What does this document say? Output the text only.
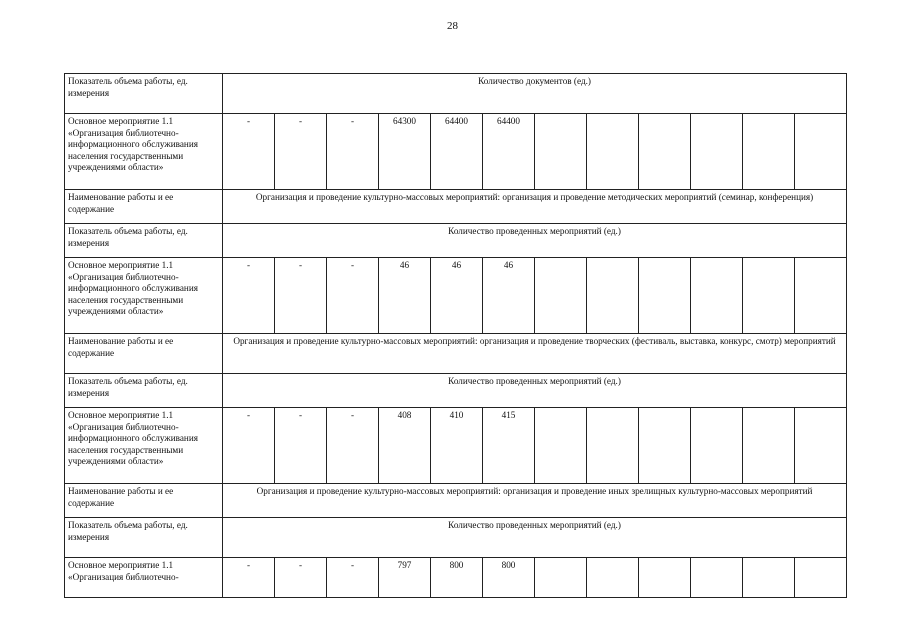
28
Показатель объема работы, ед. измерения	Количество документов (ед.)											
Основное мероприятие 1.1 «Организация библиотечно-информационного обслуживания населения государственными учреждениями области»	-	-	-	64300	64400	64400						
Наименование работы и ее содержание	Организация и проведение культурно-массовых мероприятий: организация и проведение методических мероприятий (семинар, конференция)											
Показатель объема работы, ед. измерения	Количество проведенных мероприятий (ед.)											
Основное мероприятие 1.1 «Организация библиотечно-информационного обслуживания населения государственными учреждениями области»	-	-	-	46	46	46						
Наименование работы и ее содержание	Организация и проведение культурно-массовых мероприятий: организация и проведение творческих (фестиваль, выставка, конкурс, смотр) мероприятий											
Показатель объема работы, ед. измерения	Количество проведенных мероприятий (ед.)											
Основное мероприятие 1.1 «Организация библиотечно-информационного обслуживания населения государственными учреждениями области»	-	-	-	408	410	415						
Наименование работы и ее содержание	Организация и проведение культурно-массовых мероприятий: организация и проведение иных зрелищных культурно-массовых мероприятий											
Показатель объема работы, ед. измерения	Количество проведенных мероприятий (ед.)											
Основное мероприятие 1.1 «Организация библиотечно-	-	-	-	797	800	800						
